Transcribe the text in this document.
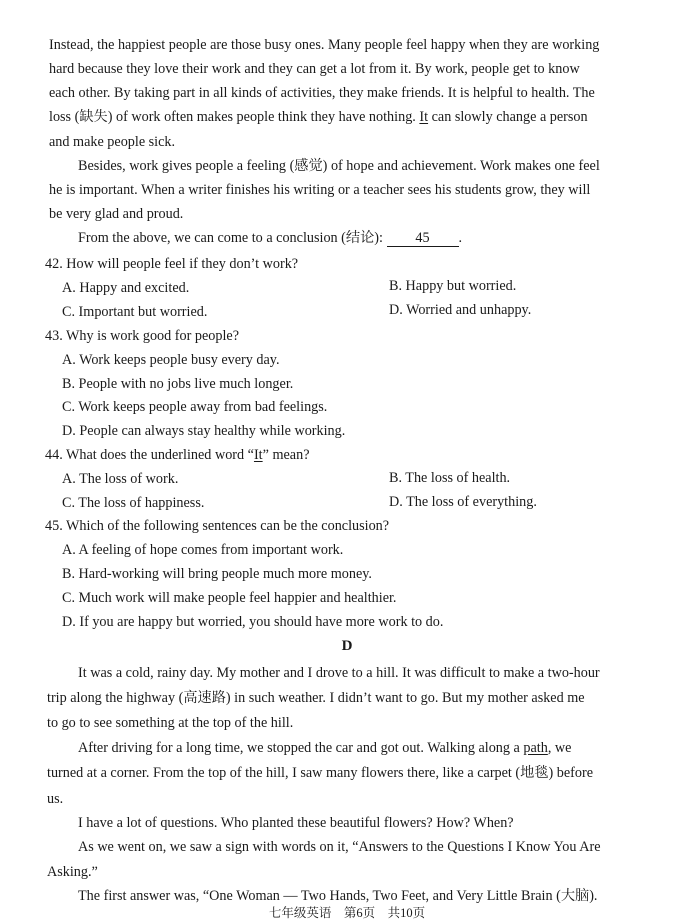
Instead, the happiest people are those busy ones. Many people feel happy when they are working
hard because they love their work and they can get a lot from it. By work, people get to know
each other. By taking part in all kinds of activities, they make friends. It is helpful to health. The
loss (缺失) of work often makes people think they have nothing. It can slowly change a person
and make people sick.
Besides, work gives people a feeling (感觉) of hope and achievement. Work makes one feel
he is important. When a writer finishes his writing or a teacher sees his students grow, they will
be very glad and proud.
From the above, we can come to a conclusion (结论): 45 .
42. How will people feel if they don’t work?
A. Happy and excited.	B. Happy but worried.
C. Important but worried.	D. Worried and unhappy.
43. Why is work good for people?
A. Work keeps people busy every day.
B. People with no jobs live much longer.
C. Work keeps people away from bad feelings.
D. People can always stay healthy while working.
44. What does the underlined word “It” mean?
A. The loss of work.	B. The loss of health.
C. The loss of happiness.	D. The loss of everything.
45. Which of the following sentences can be the conclusion?
A. A feeling of hope comes from important work.
B. Hard-working will bring people much more money.
C. Much work will make people feel happier and healthier.
D. If you are happy but worried, you should have more work to do.
D
It was a cold, rainy day. My mother and I drove to a hill. It was difficult to make a two-hour
trip along the highway (高速路) in such weather. I didn’t want to go. But my mother asked me
to go to see something at the top of the hill.
After driving for a long time, we stopped the car and got out. Walking along a path, we
turned at a corner. From the top of the hill, I saw many flowers there, like a carpet (地毯) before
us.
I have a lot of questions. Who planted these beautiful flowers? How? When?
As we went on, we saw a sign with words on it, “Answers to the Questions I Know You Are
Asking.”
The first answer was, “One Woman — Two Hands, Two Feet, and Very Little Brain (大脑).
七年级英语　第6页　共10页
